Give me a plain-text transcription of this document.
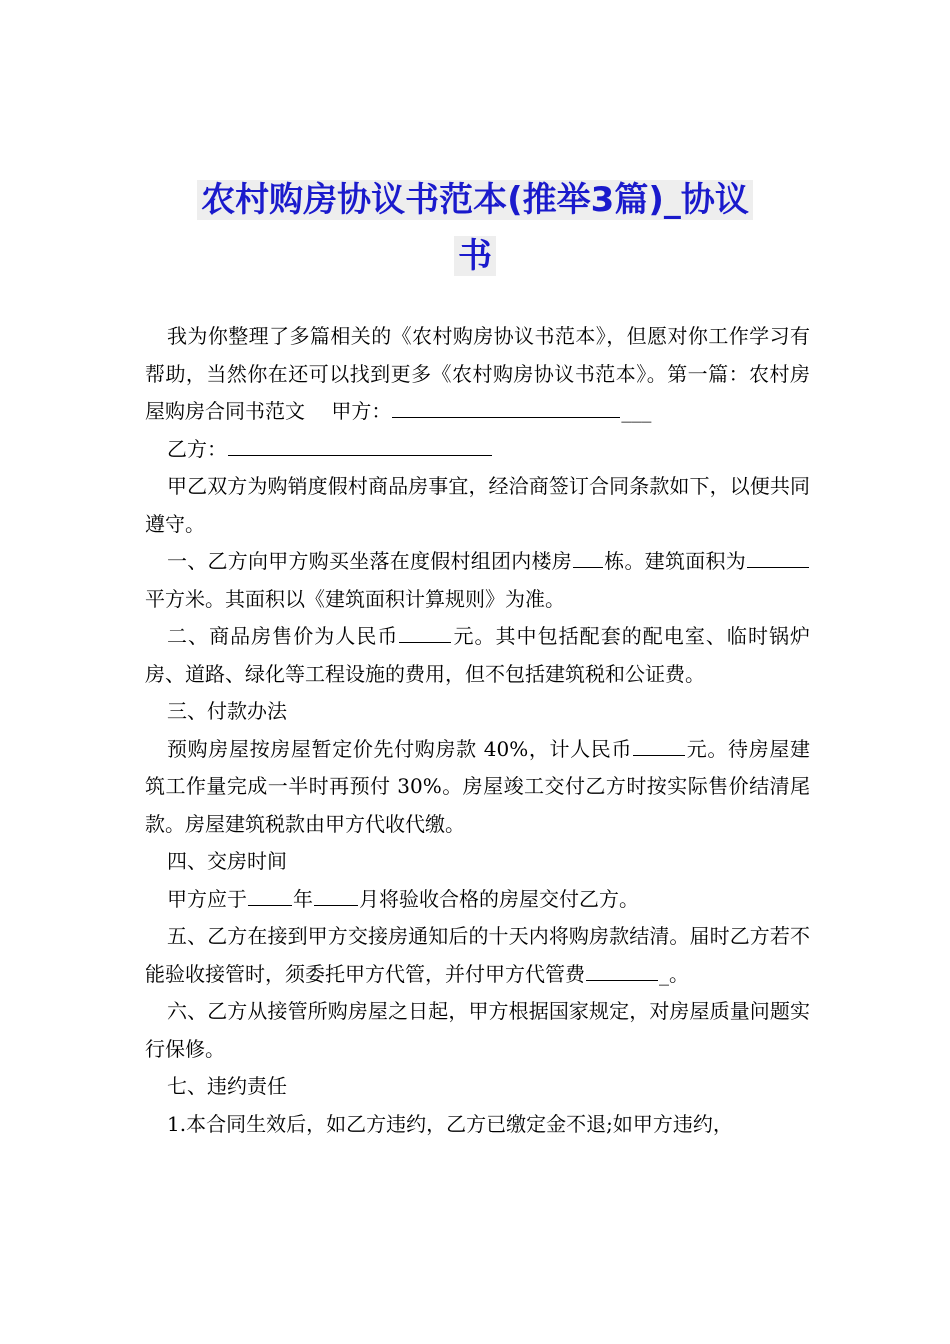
农村购房协议书范本(推举3篇)_协议
书

我为你整理了多篇相关的《农村购房协议书范本》，但愿对你工作学习有帮助，当然你在还可以找到更多《农村购房协议书范本》。第一篇：农村房屋购房合同书范文　 甲方：	___

乙方：

甲乙双方为购销度假村商品房事宜，经洽商签订合同条款如下，以便共同遵守。

一、乙方向甲方购买坐落在度假村组团内楼房 栋。建筑面积为平方米。其面积以《建筑面积计算规则》为准。

二、商品房售价为人民币	元。其中包括配套的配电室、临时锅炉房、道路、绿化等工程设施的费用，但不包括建筑税和公证费。

三、付款办法

预购房屋按房屋暂定价先付购房款 40%，计人民币	元。待房屋建筑工作量完成一半时再预付 30%。房屋竣工交付乙方时按实际售价结清尾款。房屋建筑税款由甲方代收代缴。

四、交房时间

甲方应于 年 月将验收合格的房屋交付乙方。

五、乙方在接到甲方交接房通知后的十天内将购房款结清。届时乙方若不能验收接管时，须委托甲方代管，并付甲方代管费	_。

六、乙方从接管所购房屋之日起，甲方根据国家规定，对房屋质量问题实行保修。

七、违约责任

1.本合同生效后，如乙方违约，乙方已缴定金不退;如甲方违约，
